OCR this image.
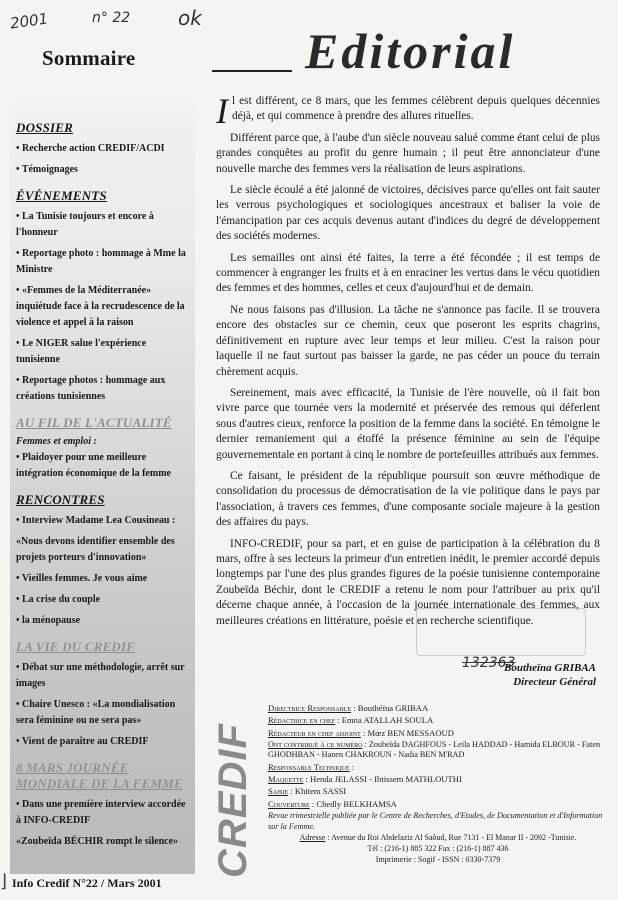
2001	n° 22 ok
Sommaire	Editorial
DOSSIER
• Recherche action CREDIF/ACDI
• Témoignages
ÉVÉNEMENTS
• La Tunisie toujours et encore à l'honneur
• Reportage photo : hommage à Mme la Ministre
• «Femmes de la Méditerranée» inquiétude face à la recrudescence de la violence et appel à la raison
• Le NIGER salue l'expérience tunisienne
• Reportage photos : hommage aux créations tunisiennes
AU FIL DE L'ACTUALITÉ
Femmes et emploi :
• Plaidoyer pour une meilleure intégration économique de la femme
RENCONTRES
• Interview Madame Lea Cousineau :
«Nous devons identifier ensemble des projets porteurs d'innovation»
• Vieilles femmes. Je vous aime
• La crise du couple
• la ménopause
LA VIE DU CREDIF
• Débat sur une méthodologie, arrêt sur images
• Chaire Unesco : «La mondialisation sera féminine ou ne sera pas»
• Vient de paraître au CREDIF
8 MARS JOURNÉE MONDIALE DE LA FEMME
• Dans une première interview accordée à INFO-CREDIF
«Zoubeïda BÉCHIR rompt le silence»

Il est différent, ce 8 mars, que les femmes célèbrent depuis quelques décennies déjà, et qui commence à prendre des allures rituelles.

Différent parce que, à l'aube d'un siècle nouveau salué comme étant celui de plus grandes conquêtes au profit du genre humain ; il peut être annonciateur d'une nouvelle marche des femmes vers la réalisation de leurs aspirations.

Le siècle écoulé a été jalonné de victoires, décisives parce qu'elles ont fait sauter les verrous psychologiques et sociologiques ancestraux et baliser la voie de l'émancipation par ces acquis devenus autant d'indices du degré de développement des sociétés modernes.

Les semailles ont ainsi été faites, la terre a été fécondée ; il est temps de commencer à engranger les fruits et à en enraciner les vertus dans le vécu quotidien des femmes et des hommes, celles et ceux d'aujourd'hui et de demain.

Ne nous faisons pas d'illusion. La tâche ne s'annonce pas facile. Il se trouvera encore des obstacles sur ce chemin, ceux que poseront les esprits chagrins, définitivement en rupture avec leur temps et leur milieu. C'est la raison pour laquelle il ne faut surtout pas baisser la garde, ne pas céder un pouce du terrain chèrement acquis.

Sereinement, mais avec efficacité, la Tunisie de l'ère nouvelle, où il fait bon vivre parce que tournée vers la modernité et préservée des remous qui déferlent sous d'autres cieux, renforce la position de la femme dans la société. En témoigne le dernier remaniement qui a étoffé la présence féminine au sein de l'équipe gouvernementale en portant à cinq le nombre de portefeuilles attribués aux femmes.

Ce faisant, le président de la république poursuit son œuvre méthodique de consolidation du processus de démocratisation de la vie politique dans le pays par l'association, à travers ces femmes, d'une composante sociale majeure à la gestion des affaires du pays.

INFO-CREDIF, pour sa part, et en guise de participation à la célébration du 8 mars, offre à ses lecteurs la primeur d'un entretien inédit, le premier accordé depuis longtemps par l'une des plus grandes figures de la poésie tunisienne contemporaine Zoubeïda Béchir, dont le CREDIF a retenu le nom pour l'attribuer au prix qu'il décerne chaque année, à l'occasion de la journée internationale des femmes, aux meilleures créations en littérature, poésie et en recherche scientifique.

132363
Boutheïna GRIBAA
Directeur Général
CREDIF
Directrice Responsable : Bouthéïna GRIBAA
Rédactrice en chef : Emna ATALLAH SOULA
Rédacteur en chef adjoint : Mœz BEN MESSAOUD
Ont contribué à ce numéro : Zoubeïda DAGHFOUS - Leila HADDAD - Hamida ELBOUR - Faten GHODHBAN - Hanen CHAKROUN - Nadia BEN M'RAD
Responsable Technique :
Maquette : Henda JELASSI - Ibtissem MATHLOUTHI
Saisie : Khitem SASSI
Couverture : Chedly BELKHAMSA
Revue trimestrielle publiée par le Centre de Recherches, d'Etudes, de Documentation et d'Information sur la Femme.
Adresse : Avenue du Roi Abdelaziz Al Saôud, Rue 7131 - El Manar II - 2092 -Tunisie.
Tél : (216-1) 885 322 Fax : (216-1) 887 436
Imprimerie : Sogif - ISSN : 0330-7379
⌋ Info Credif N°22 / Mars 2001
